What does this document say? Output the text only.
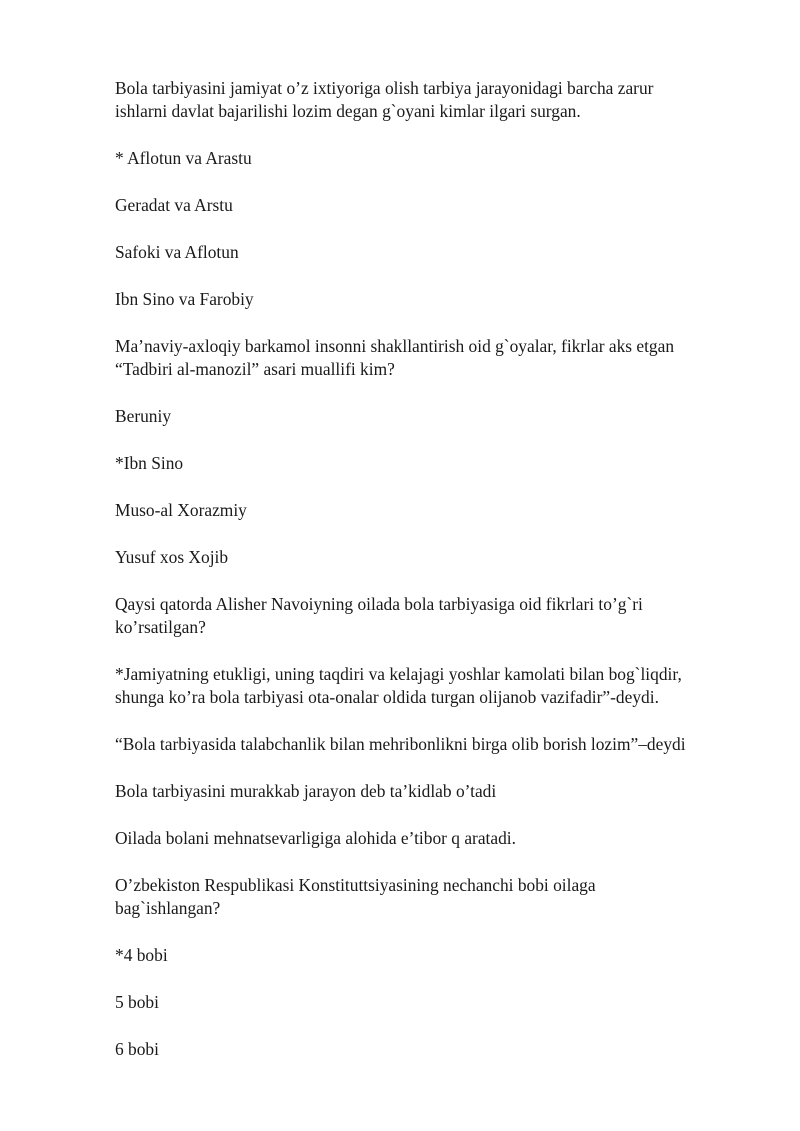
Bola tarbiyasini jamiyat o’z ixtiyoriga olish tarbiya jarayonidagi barcha zarur
ishlarni davlat bajarilishi lozim degan g`oyani kimlar ilgari surgan.

* Aflotun va Arastu

Geradat va Arstu

Safoki va Aflotun

Ibn Sino va Farobiy

Ma’naviy-axloqiy barkamol insonni shakllantirish oid g`oyalar, fikrlar aks etgan
“Tadbiri al-manozil” asari muallifi kim?

Beruniy

*Ibn Sino

Muso-al Xorazmiy

Yusuf xos Xojib

Qaysi qatorda Alisher Navoiyning oilada bola tarbiyasiga oid fikrlari to’g`ri
ko’rsatilgan?

*Jamiyatning etukligi, uning taqdiri va kelajagi yoshlar kamolati bilan bog`liqdir,
shunga ko’ra bola tarbiyasi ota-onalar oldida turgan olijanob vazifadir”-deydi.

“Bola tarbiyasida talabchanlik bilan mehribonlikni birga olib borish lozim”–deydi

Bola tarbiyasini murakkab jarayon deb ta’kidlab o’tadi

Oilada bolani mehnatsevarligiga alohida e’tibor q aratadi.

O’zbekiston Respublikasi Konstituttsiyasining nechanchi bobi oilaga
bag`ishlangan?

*4 bobi

5 bobi

6 bobi
